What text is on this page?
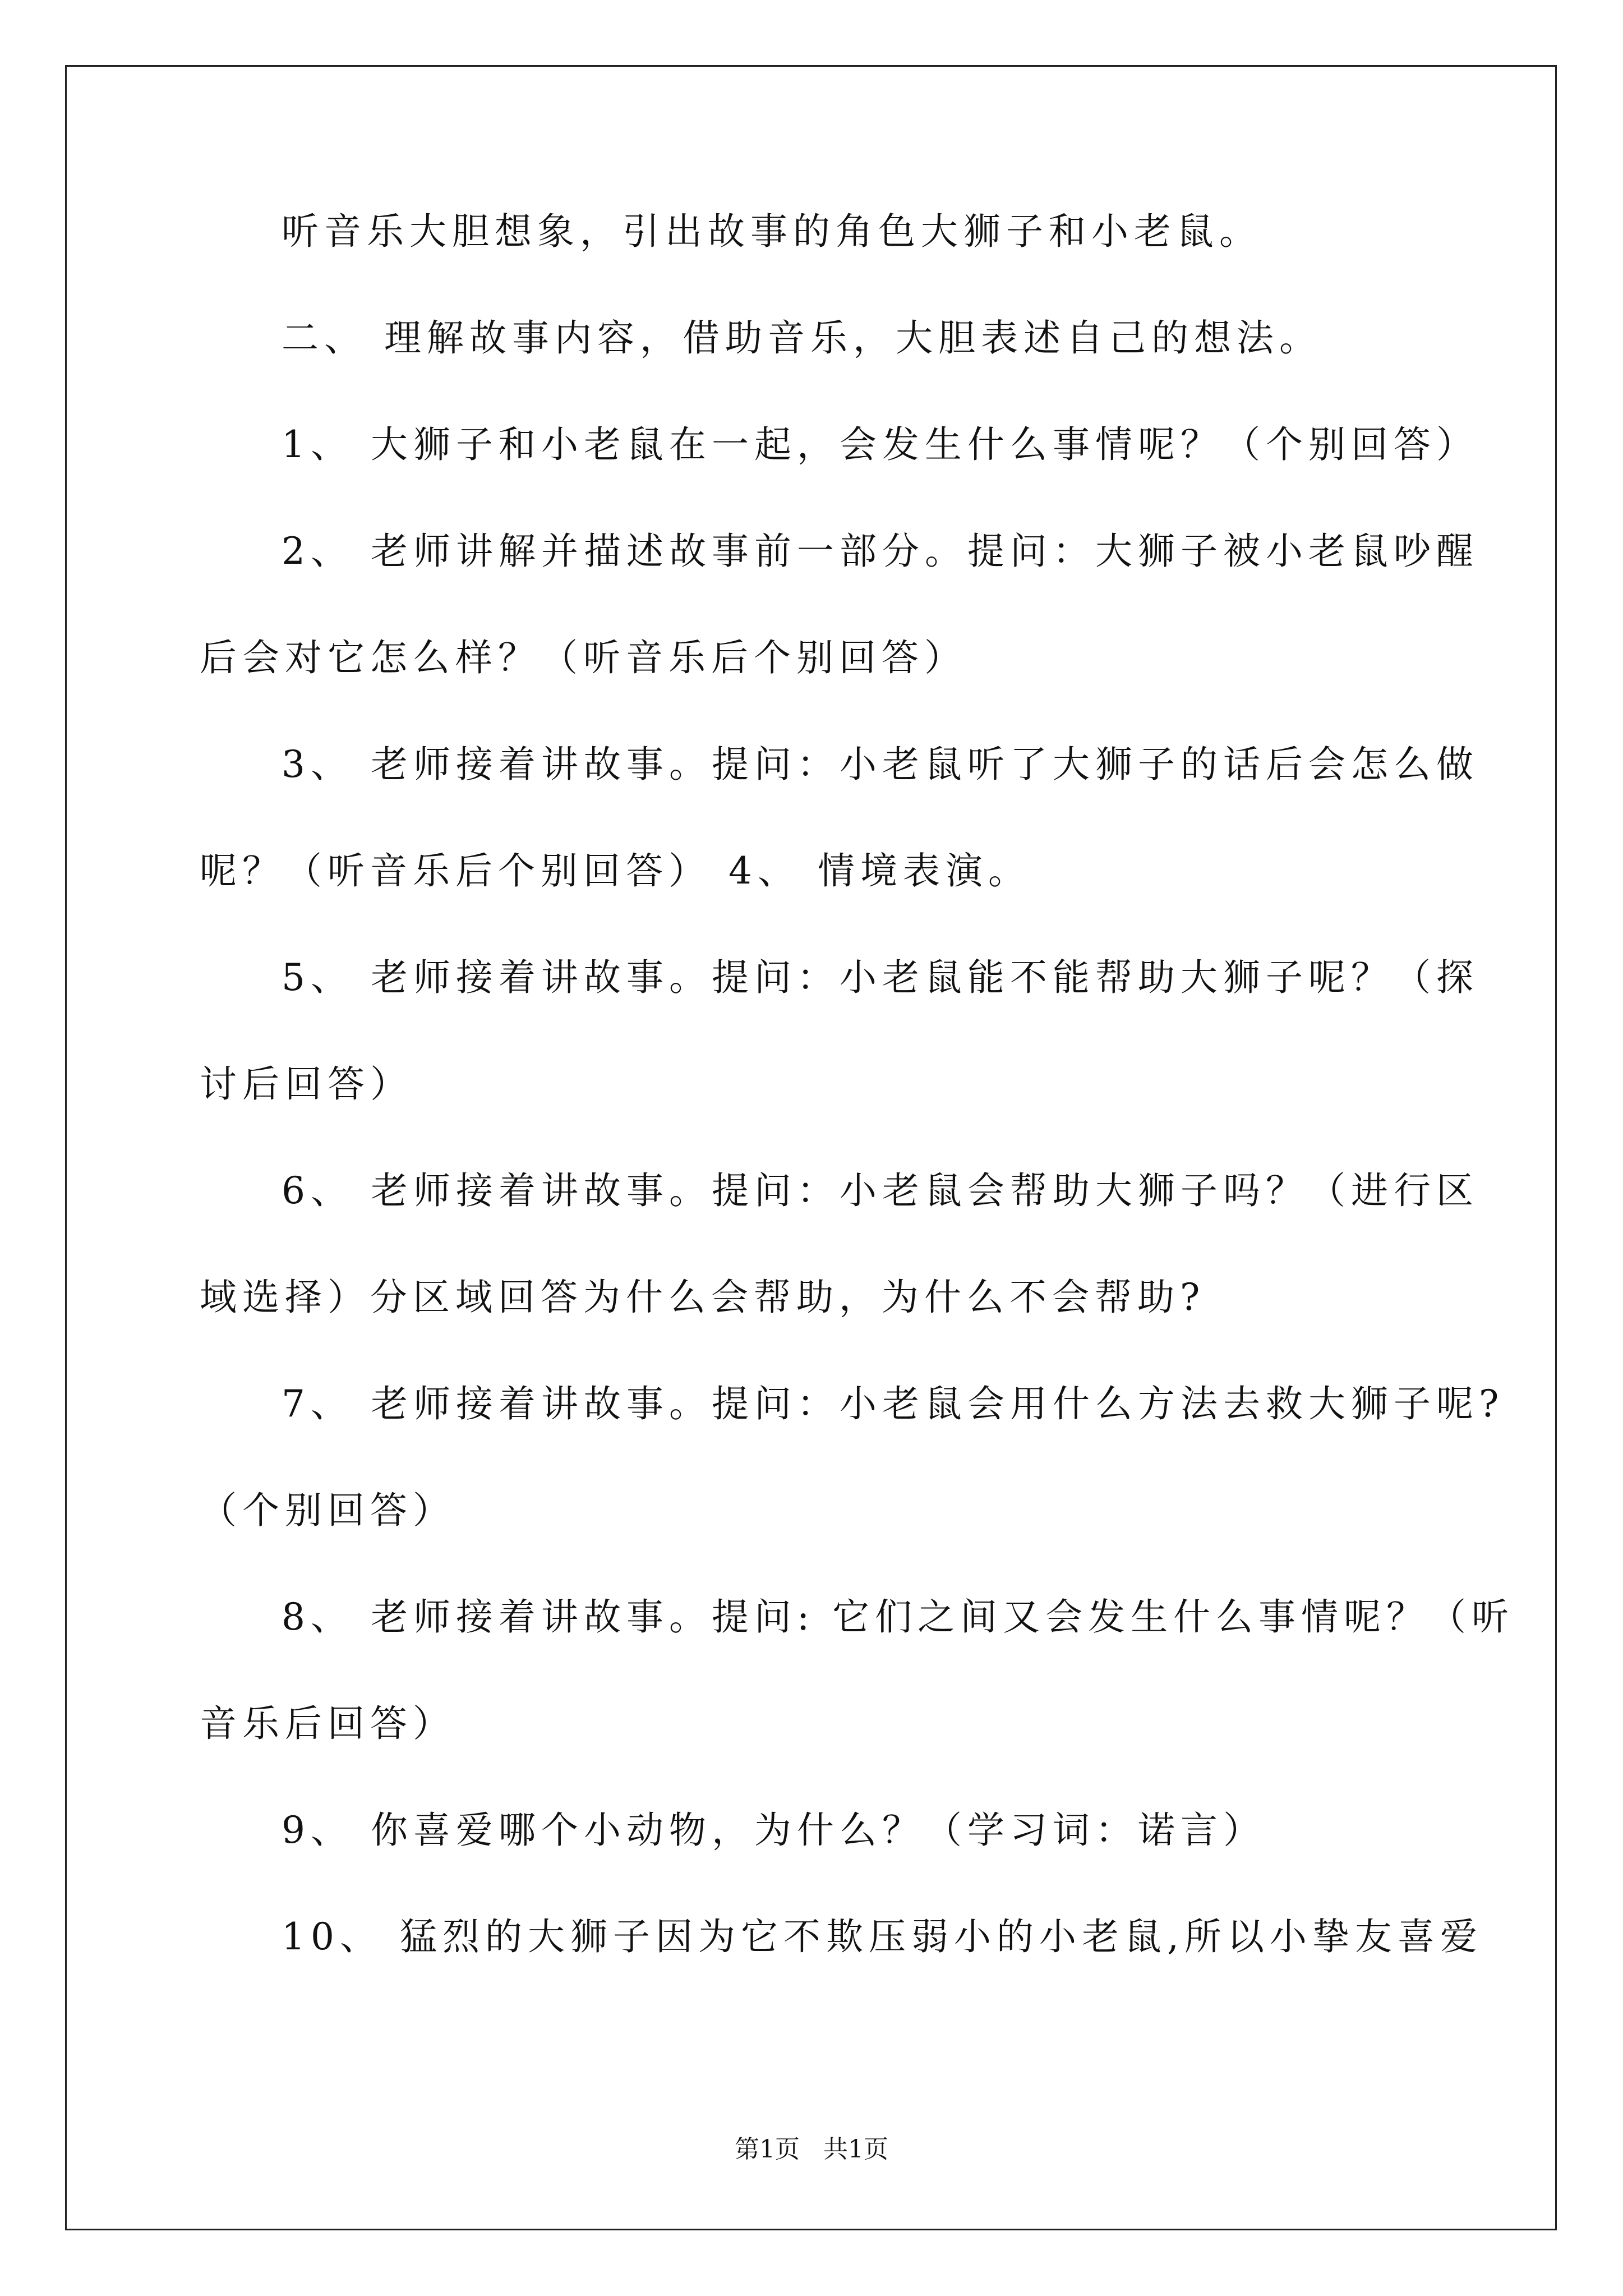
听音乐大胆想象，引出故事的角色大狮子和小老鼠。
二、 理解故事内容，借助音乐，大胆表述自己的想法。
1、 大狮子和小老鼠在一起，会发生什么事情呢？（个别回答）
2、 老师讲解并描述故事前一部分。提问：大狮子被小老鼠吵醒
后会对它怎么样？（听音乐后个别回答）
3、 老师接着讲故事。提问：小老鼠听了大狮子的话后会怎么做
呢？（听音乐后个别回答） 4、 情境表演。
5、 老师接着讲故事。提问：小老鼠能不能帮助大狮子呢？（探
讨后回答）
6、 老师接着讲故事。提问：小老鼠会帮助大狮子吗？（进行区
域选择）分区域回答为什么会帮助，为什么不会帮助?
7、 老师接着讲故事。提问：小老鼠会用什么方法去救大狮子呢?
（个别回答）
8、 老师接着讲故事。提问: 它们之间又会发生什么事情呢？（听
音乐后回答）
9、 你喜爱哪个小动物，为什么？（学习词：诺言）
10、 猛烈的大狮子因为它不欺压弱小的小老鼠,所以小挚友喜爱
第1页   共1页
